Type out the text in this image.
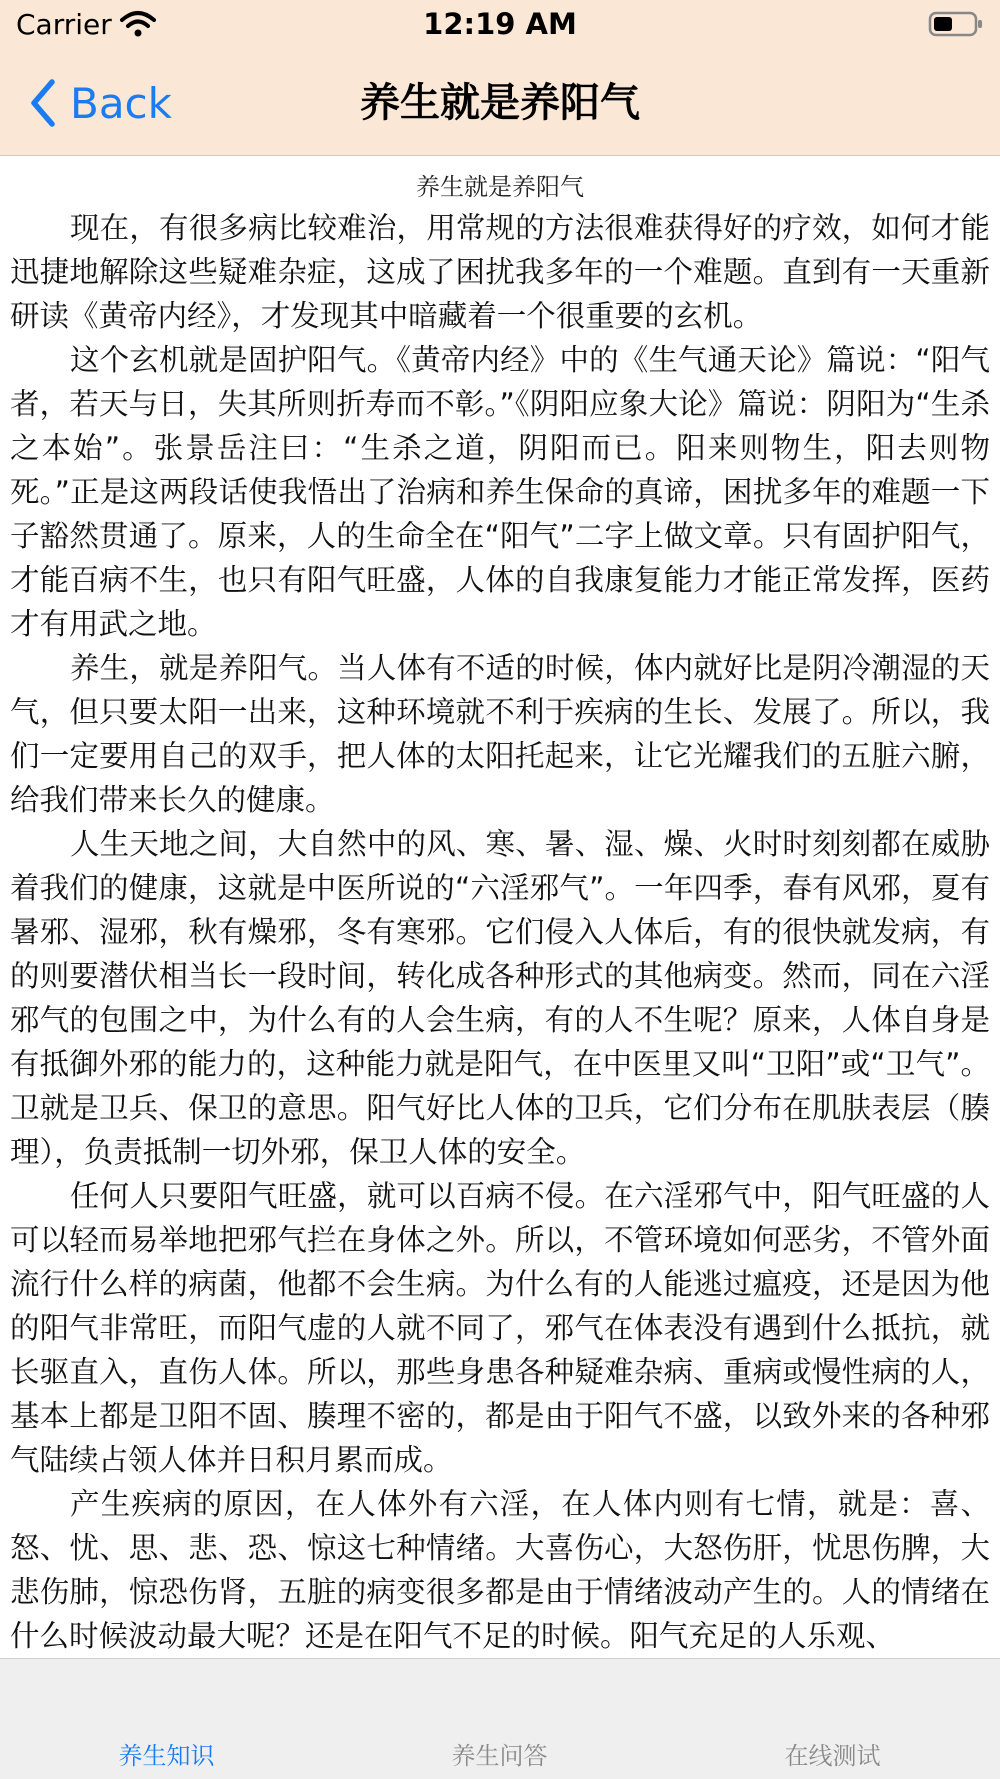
Carrier	12:19 AM
Back	养生就是养阳气
养生就是养阳气

现在，有很多病比较难治，用常规的方法很难获得好的疗效，如何才能迅捷地解除这些疑难杂症，这成了困扰我多年的一个难题。直到有一天重新研读《黄帝内经》，才发现其中暗藏着一个很重要的玄机。

这个玄机就是固护阳气。《黄帝内经》中的《生气通天论》篇说：“阳气者，若天与日，失其所则折寿而不彰。”《阴阳应象大论》篇说：阴阳为“生杀之本始”。张景岳注曰：“生杀之道，阴阳而已。阳来则物生，阳去则物死。”正是这两段话使我悟出了治病和养生保命的真谛，困扰多年的难题一下子豁然贯通了。原来，人的生命全在“阳气”二字上做文章。只有固护阳气，才能百病不生，也只有阳气旺盛，人体的自我康复能力才能正常发挥，医药才有用武之地。

养生，就是养阳气。当人体有不适的时候，体内就好比是阴冷潮湿的天气，但只要太阳一出来，这种环境就不利于疾病的生长、发展了。所以，我们一定要用自己的双手，把人体的太阳托起来，让它光耀我们的五脏六腑，给我们带来长久的健康。

人生天地之间，大自然中的风、寒、暑、湿、燥、火时时刻刻都在威胁着我们的健康，这就是中医所说的“六淫邪气”。一年四季，春有风邪，夏有暑邪、湿邪，秋有燥邪，冬有寒邪。它们侵入人体后，有的很快就发病，有的则要潜伏相当长一段时间，转化成各种形式的其他病变。然而，同在六淫邪气的包围之中，为什么有的人会生病，有的人不生呢？原来，人体自身是有抵御外邪的能力的，这种能力就是阳气，在中医里又叫“卫阳”或“卫气”。卫就是卫兵、保卫的意思。阳气好比人体的卫兵，它们分布在肌肤表层（腠理），负责抵制一切外邪，保卫人体的安全。

任何人只要阳气旺盛，就可以百病不侵。在六淫邪气中，阳气旺盛的人可以轻而易举地把邪气拦在身体之外。所以，不管环境如何恶劣，不管外面流行什么样的病菌，他都不会生病。为什么有的人能逃过瘟疫，还是因为他的阳气非常旺，而阳气虚的人就不同了，邪气在体表没有遇到什么抵抗，就长驱直入，直伤人体。所以，那些身患各种疑难杂病、重病或慢性病的人，基本上都是卫阳不固、腠理不密的，都是由于阳气不盛，以致外来的各种邪气陆续占领人体并日积月累而成。

产生疾病的原因，在人体外有六淫，在人体内则有七情，就是：喜、怒、忧、思、悲、恐、惊这七种情绪。大喜伤心，大怒伤肝，忧思伤脾，大悲伤肺，惊恐伤肾，五脏的病变很多都是由于情绪波动产生的。人的情绪在什么时候波动最大呢？还是在阳气不足的时候。阳气充足的人乐观、

养生知识	养生问答	在线测试
